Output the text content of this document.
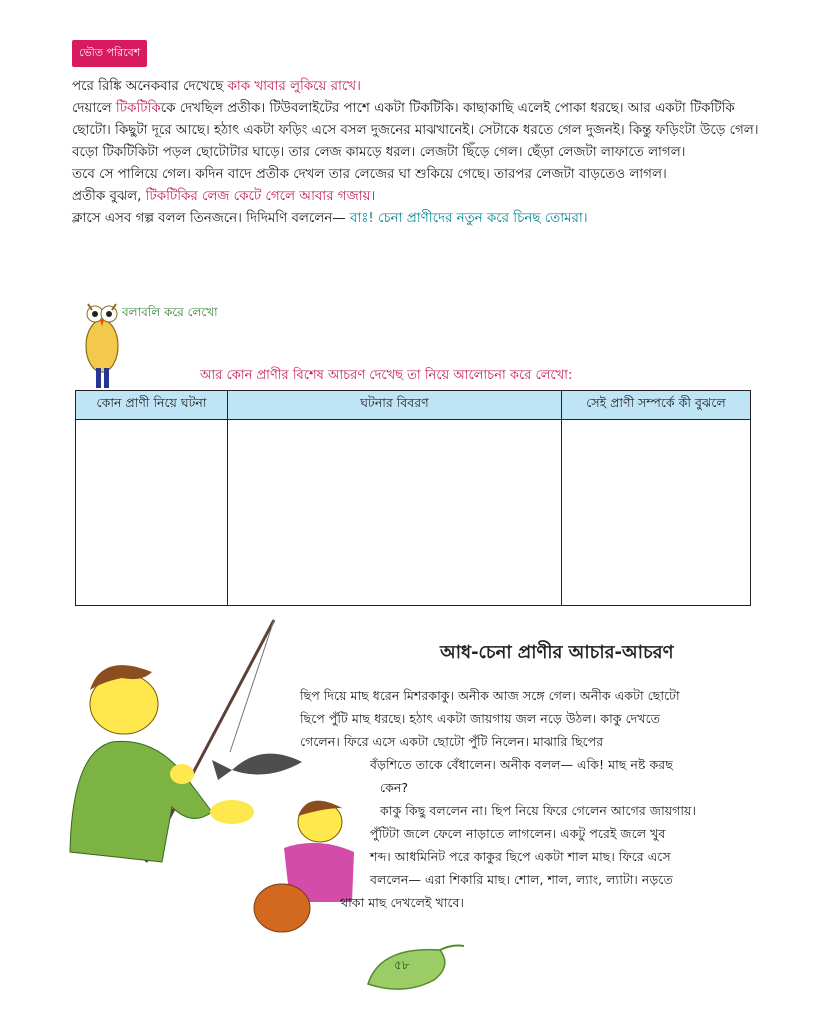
ভৌত পরিবেশ
পরে রিঙ্কি অনেকবার দেখেছে কাক খাবার লুকিয়ে রাখে।
দেয়ালে টিকটিকিকে দেখছিল প্রতীক। টিউবলাইটের পাশে একটা টিকটিকি। কাছাকাছি এলেই পোকা ধরছে। আর একটা টিকটিকি ছোটো। কিছুটা দূরে আছে। হঠাৎ একটা ফড়িং এসে বসল দুজনের মাঝখানেই। সেটাকে ধরতে গেল দুজনই। কিন্তু ফড়িংটা উড়ে গেল। বড়ো টিকটিকিটা পড়ল ছোটোটার ঘাড়ে। তার লেজ কামড়ে ধরল। লেজটা ছিঁড়ে গেল। ছেঁড়া লেজটা লাফাতে লাগল।
তবে সে পালিয়ে গেল। কদিন বাদে প্রতীক দেখল তার লেজের ঘা শুকিয়ে গেছে। তারপর লেজটা বাড়তেও লাগল।
প্রতীক বুঝল, টিকটিকির লেজ কেটে গেলে আবার গজায়।
ক্লাসে এসব গল্প বলল তিনজনে। দিদিমণি বললেন— বাঃ! চেনা প্রাণীদের নতুন করে চিনছ তোমরা।
বলাবলি করে লেখো
আর কোন প্রাণীর বিশেষ আচরণ দেখেছ তা নিয়ে আলোচনা করে লেখো:
কোন প্রাণী নিয়ে ঘটনা	ঘটনার বিবরণ	সেই প্রাণী সম্পর্কে কী বুঝলে

আধ-চেনা প্রাণীর আচার-আচরণ
ছিপ দিয়ে মাছ ধরেন মিশরকাকু। অনীক আজ সঙ্গে গেল। অনীক একটা ছোটো
ছিপে পুঁটি মাছ ধরছে। হঠাৎ একটা জায়গায় জল নড়ে উঠল। কাকু দেখতে
গেলেন। ফিরে এসে একটা ছোটো পুঁটি নিলেন। মাঝারি ছিপের
বঁড়শিতে তাকে বেঁধালেন। অনীক বলল— একি! মাছ নষ্ট করছ
কেন?
কাকু কিছু বললেন না। ছিপ নিয়ে ফিরে গেলেন আগের জায়গায়।
পুঁটিটা জলে ফেলে নাড়াতে লাগলেন। একটু পরেই জলে খুব
শব্দ। আধমিনিট পরে কাকুর ছিপে একটা শাল মাছ। ফিরে এসে
বললেন— এরা শিকারি মাছ। শোল, শাল, ল্যাং, ল্যাটা। নড়তে
থাকা মাছ দেখলেই খাবে।
৫৮
